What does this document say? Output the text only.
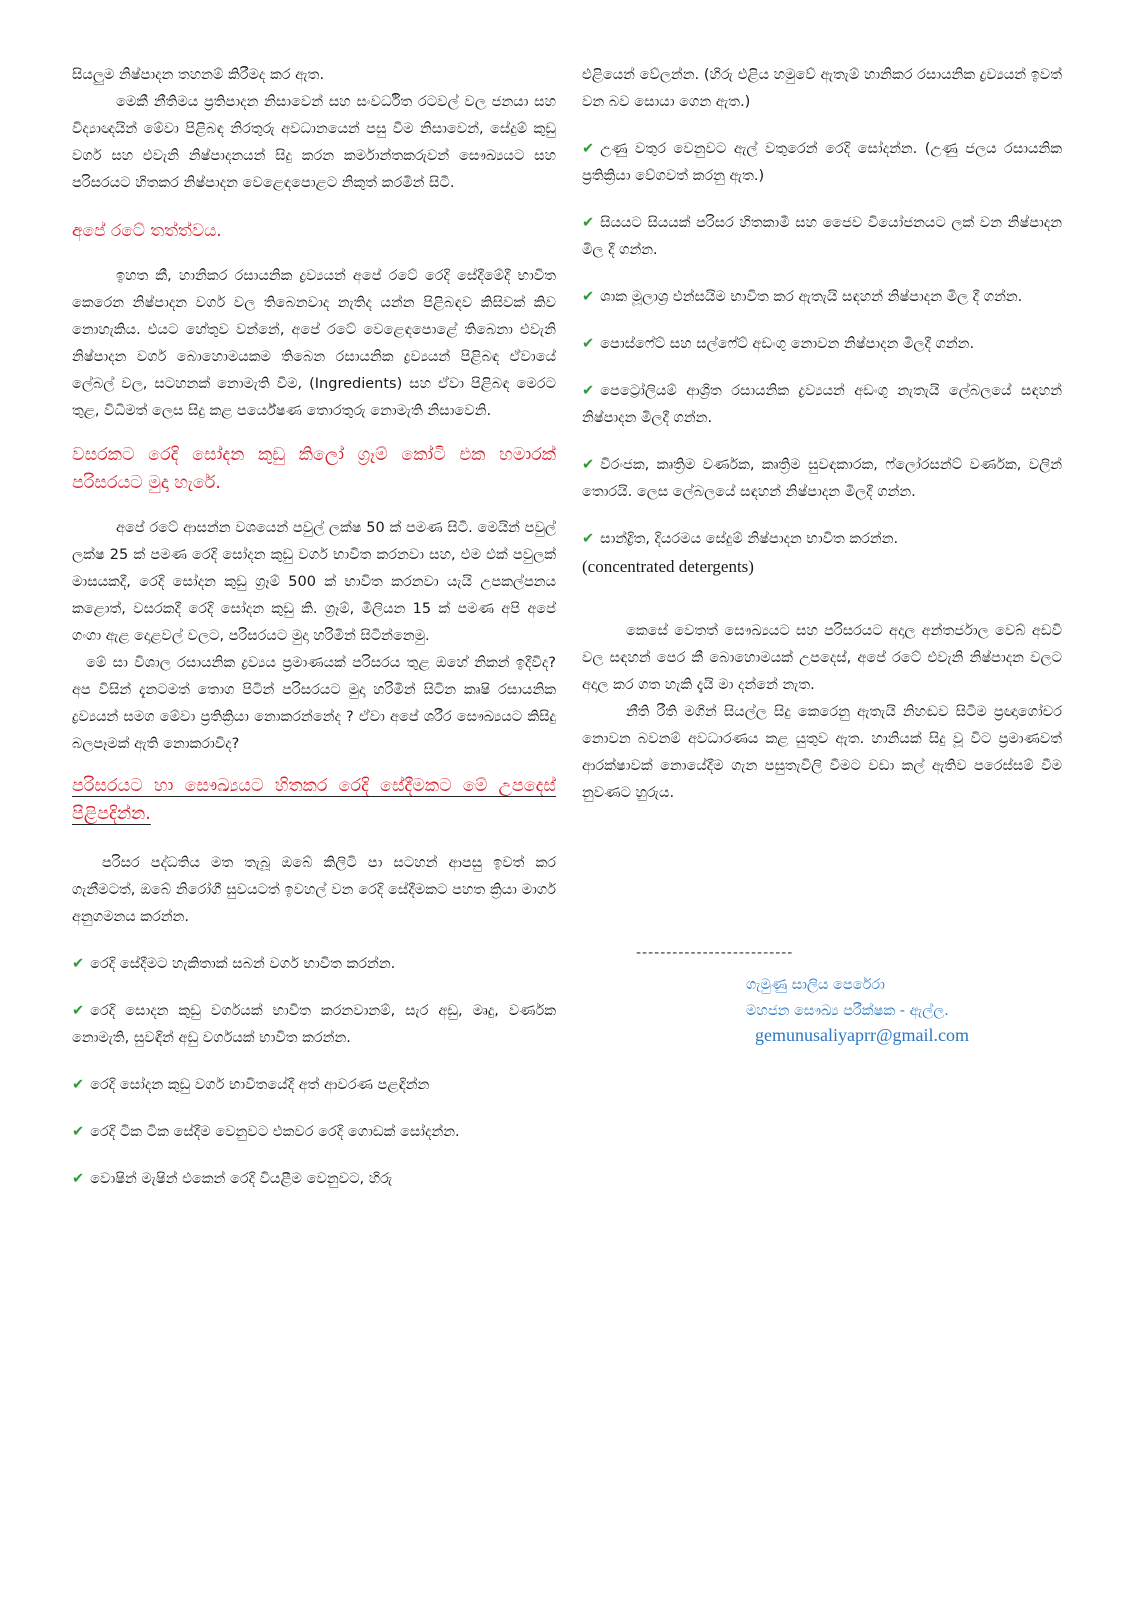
සියලුම නිෂ්පාදන තහනම් කිරීමද කර ඇත.

මෙකී නීතිමය ප්‍රතිපාදන නිසාවෙන් සහ සංවර්ධිත රටවල් වල ජනයා සහ විද්‍යාඥයින් මේවා පිළිබඳ නිරතුරු අවධානයෙන් පසු වීම නිසාවෙන්, සේදුම් කුඩු වර්ග සහ එවැනි නිෂ්පාදනයන් සිදු කරන කර්මාන්තකරුවන් සෞඛ්‍යයට සහ පරිසරයට හිතකර නිෂ්පාදන වෙළෙඳපොළට නිකුත් කරමින් සිටී.

අපේ රටේ තත්ත්වය.

ඉහත කී, හානිකර රසායනික ද්‍රව්‍යයන් අපේ රටේ රෙදි සේදීමේදී භාවිත කෙරෙන නිෂ්පාදන වර්ග වල තිබෙනවාද නැතිද යන්න පිළිබඳව කිසිවක් කිව නොහැකිය. එයට හේතුව වන්නේ, අපේ රටේ වෙළෙඳපොළේ තිබෙනා එවැනි නිෂ්පාදන වර්ග බොහොමයකම තිබෙන රසායනික ද්‍රව්‍යයන් පිළිබඳ ඒවායේ ලේබල් වල, සටහනක් නොමැති වීම, (Ingredients) සහ ඒවා පිළිබඳ මෙරට තුළ, විධිමත් ලෙස සිදු කළ පර්යේෂණ තොරතුරු නොමැති නිසාවෙනි.

වසරකට රෙදි සෝදන කුඩු කිලෝ ග්‍රෑම් කෝටි එක හමාරක් පරිසරයට මුදා හැරේ.

අපේ රටේ ආසන්න වශයෙන් පවුල් ලක්ෂ 50 ක් පමණ සිටී. මෙයින් පවුල් ලක්ෂ 25 ක් පමණ රෙදි සෝදන කුඩු වර්ග භාවිත කරනවා සහ, එම එක් පවුලක් මාසයකදී, රෙදි සෝදන කුඩු ග්‍රෑම් 500 ක් භාවිත කරනවා යැයි උපකල්පනය කළොත්, වසරකදී රෙදි සෝදන කුඩු කි. ග්‍රෑම්, මිලියන 15 ක් පමණ අපි අපේ ගංගා ඇළ දොළවල් වලට, පරිසරයට මුදා හරිමින් සිටින්නෙමු.

මේ සා විශාල රසායනික ද්‍රව්‍යය ප්‍රමාණයක් පරිසරය තුළ ඔහේ නිකන් ඉදීවිද? අප විසින් දැනටමත් තොග පිටින් පරිසරයට මුදා හරිමින් සිටින කෘෂි රසායනික ද්‍රව්‍යයන් සමග මේවා ප්‍රතික්‍රියා නොකරන්නේද ? ඒවා අපේ ශරීර සෞඛ්‍යයට කිසිදු බලපෑමක් ඇති නොකරාවිද?

පරිසරයට හා සෞඛ්‍යයට හිතකර රෙදි සේදීමකට මේ උපදෙස් පිළිපදින්න.

පරිසර පද්ධතිය මත තැබූ ඔබේ කිලිටි පා සටහන් ආපසු ඉවත් කර ගැනීමටත්, ඔබේ නිරෝගී සුවයටත් ඉවහල් වන රෙදි සේදීමකට පහත ක්‍රියා මාර්ග අනුගමනය කරන්න.

✔ රෙදි සේදීමට හැකිතාක් සබන් වර්ග භාවිත කරන්න.

✔ රෙදි සොදන කුඩු වර්ගයක් භාවිත කරනවානම්, සැර අඩු, මෘදු, වර්ණක නොමැති, සුවඳින් අඩු වර්ගයක් භාවිත කරන්න.

✔ රෙදි සෝදන කුඩු වර්ග භාවිතයේදී අත් ආවරණ පළඳින්න

✔ රෙදි ටික ටික සේදීම වෙනුවට එකවර රෙදි ගොඩක් සෝදන්න.

✔ වොෂින් මැෂින් එකෙන් රෙදි වියළීම වෙනුවට, හිරු

එළියෙන් වේලන්න. (හිරු එළිය හමුවේ ඇතැම් හානිකර රසායනික ද්‍රව්‍යයන් ඉවත් වන බව සොයා ගෙන ඇත.)

✔ උණු වතුර වෙනුවට ඇල් වතුරෙන් රෙදි සෝදන්න. (උණු ජලය රසායනික ප්‍රතික්‍රියා වේගවත් කරනු ඇත.)

✔ සියයට සියයක් පරිසර හිතකාමී සහ ජෛව වියෝජනයට ලක් වන නිෂ්පාදන මිල දී ගන්න.

✔ ශාක මූලාශ්‍ර එන්සයිම භාවිත කර ඇතැයි සඳහන් නිෂ්පාදන මිල දී ගන්න.

✔ පොස්ෆේට් සහ සල්ෆේට් අඩංගු නොවන නිෂ්පාදන මිලදී ගන්න.

✔ පෙට්‍රෝලියම් ආශ්‍රිත රසායනික ද්‍රව්‍යයන් අඩංගු නැතැයි ලේබලයේ සඳහන් නිෂ්පාදන මිලදී ගන්න.

✔ විරංජක, කෘත්‍රිම වර්ණක, කෘත්‍රිම සුවඳකාරක, ෆ්ලෝරසන්ට් වර්ණක, වලින් තොරයි. ලෙස ලේබලයේ සඳහන් නිෂ්පාදන මිලදී ගන්න.

✔ සාන්ද්‍රිත, දියරමය සේදුම් නිෂ්පාදන භාවිත කරන්න.
(concentrated detergents)

කෙසේ වෙතත් සෞඛ්‍යයට සහ පරිසරයට අදාල අන්තර්ජාල වෙබ් අඩවි වල සඳහන් පෙර කී බොහොමයක් උපදෙස්, අපේ රටේ එවැනි නිෂ්පාදන වලට අදාල කර ගත හැකි දැයි මා දන්නේ නැත.

නීති රීති මගින් සියල්ල සිදු කෙරෙනු ඇතැයි නිහඬව සිටීම ප්‍රඥාගෝචර නොවන බවනම් අවධාරණය කළ යුතුව ඇත. හානියක් සිදු වූ විට ප්‍රමාණවත් ආරක්ෂාවක් නොයේදීම ගැන පසුතැවිලි වීමට වඩා කල් ඇතිව පරෙස්සම් වීම නුවණට හුරුය.

--------------------------
ගැමුණු සාලිය පෙරේරා
මහජන සෞඛ්‍ය පරීක්ෂක - ඇල්ල.
gemunusaliyaprr@gmail.com
